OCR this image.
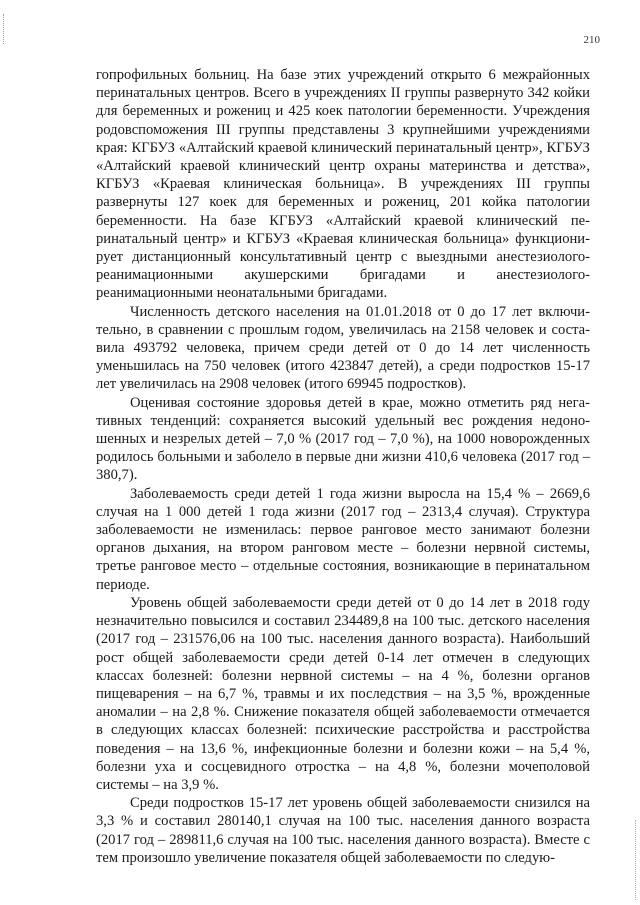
210

гопрофильных больниц. На базе этих учреждений открыто 6 межрайонных перинатальных центров. Всего в учреждениях II группы развернуто 342 койки для беременных и рожениц и 425 коек патологии беременности. Учреждения родовспоможения III группы представлены 3 крупнейшими учреждениями края: КГБУЗ «Алтайский краевой клинический перинатальный центр», КГБУЗ «Алтайский краевой клинический центр охраны материнства и детства», КГБУЗ «Краевая клиническая больница». В учреждениях III группы развернуты 127 коек для беременных и рожениц, 201 койка патологии беременности. На базе КГБУЗ «Алтайский краевой клинический перинатальный центр» и КГБУЗ «Краевая клиническая больница» функционирует дистанционный консультативный центр с выездными анестезиолого-реанимационными акушерскими бригадами и анестезиолого-реанимационными неонатальными бригадами.

Численность детского населения на 01.01.2018 от 0 до 17 лет включительно, в сравнении с прошлым годом, увеличилась на 2158 человек и составила 493792 человека, причем среди детей от 0 до 14 лет численность уменьшилась на 750 человек (итого 423847 детей), а среди подростков 15-17 лет увеличилась на 2908 человек (итого 69945 подростков).

Оценивая состояние здоровья детей в крае, можно отметить ряд негативных тенденций: сохраняется высокий удельный вес рождения недоношенных и незрелых детей – 7,0 % (2017 год – 7,0 %), на 1000 новорожденных родилось больными и заболело в первые дни жизни 410,6 человека (2017 год – 380,7).

Заболеваемость среди детей 1 года жизни выросла на 15,4 % – 2669,6 случая на 1 000 детей 1 года жизни (2017 год – 2313,4 случая). Структура заболеваемости не изменилась: первое ранговое место занимают болезни органов дыхания, на втором ранговом месте – болезни нервной системы, третье ранговое место – отдельные состояния, возникающие в перинатальном периоде.

Уровень общей заболеваемости среди детей от 0 до 14 лет в 2018 году незначительно повысился и составил 234489,8 на 100 тыс. детского населения (2017 год – 231576,06 на 100 тыс. населения данного возраста). Наибольший рост общей заболеваемости среди детей 0-14 лет отмечен в следующих классах болезней: болезни нервной системы – на 4 %, болезни органов пищеварения – на 6,7 %, травмы и их последствия – на 3,5 %, врожденные аномалии – на 2,8 %. Снижение показателя общей заболеваемости отмечается в следующих классах болезней: психические расстройства и расстройства поведения – на 13,6 %, инфекционные болезни и болезни кожи – на 5,4 %, болезни уха и сосцевидного отростка – на 4,8 %, болезни мочеполовой системы – на 3,9 %.

Среди подростков 15-17 лет уровень общей заболеваемости снизился на 3,3 % и составил 280140,1 случая на 100 тыс. населения данного возраста (2017 год – 289811,6 случая на 100 тыс. населения данного возраста). Вместе с тем произошло увеличение показателя общей заболеваемости по следую-
